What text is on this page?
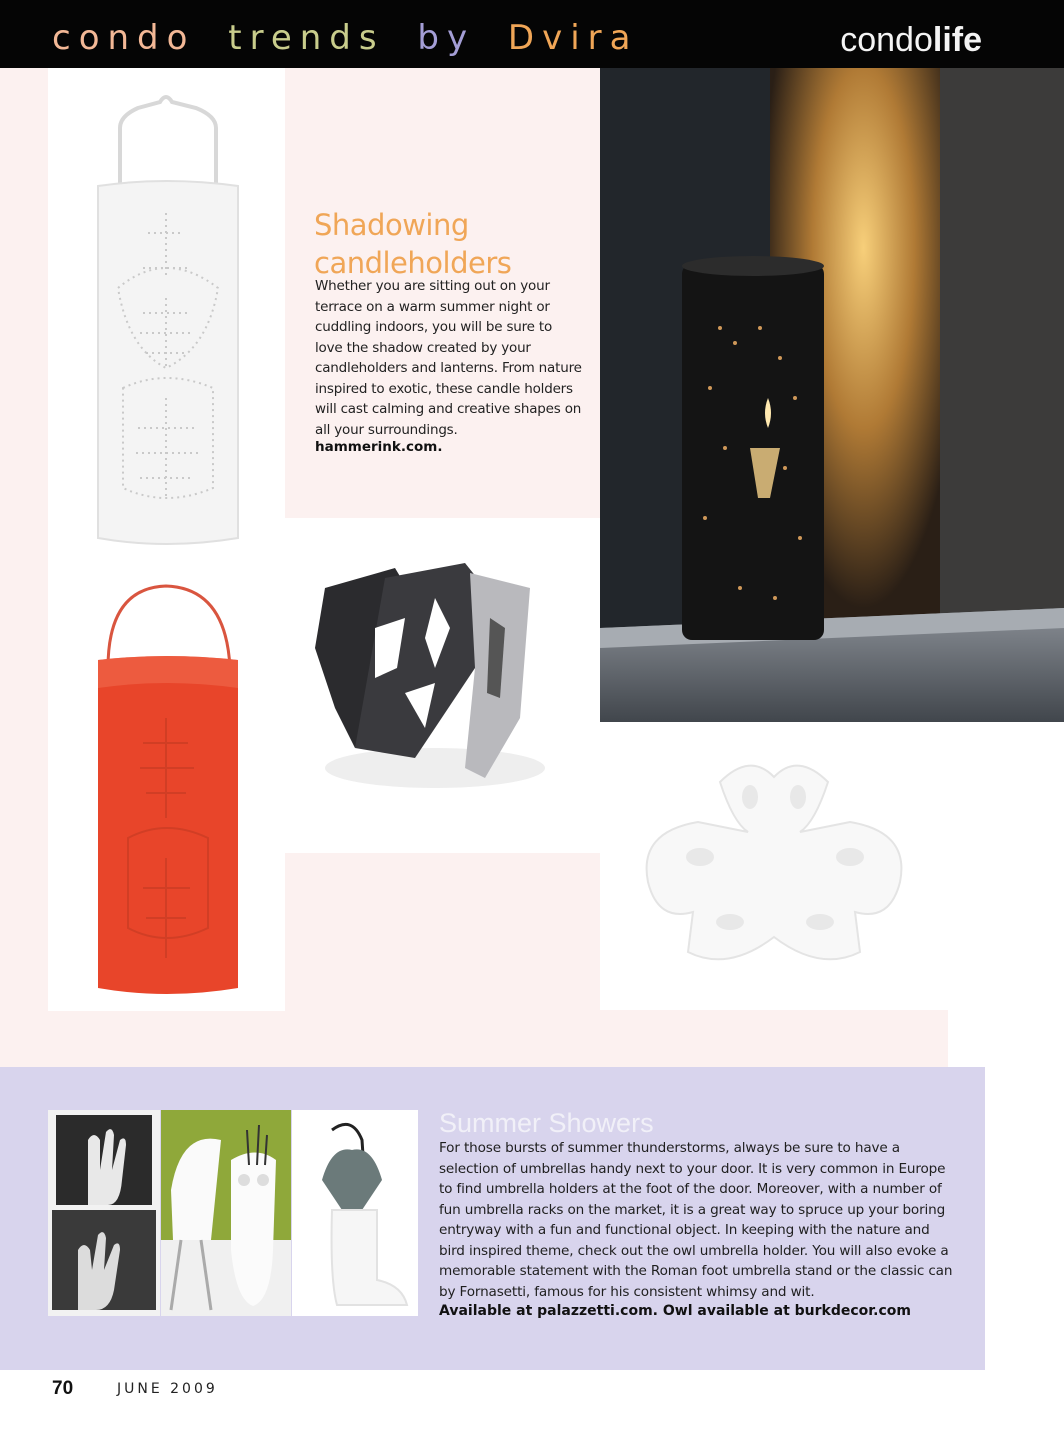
condo trends by Dvira	condolife
Shadowing
candleholders
Whether you are sitting out on your terrace on a warm summer night or cuddling indoors, you will be sure to love the shadow created by your candleholders and lanterns. From nature inspired to exotic, these candle holders will cast calming and creative shapes on all your surroundings.
hammerink.com.
Summer Showers
For those bursts of summer thunderstorms, always be sure to have a selection of umbrellas handy next to your door. It is very common in Europe to find umbrella holders at the foot of the door. Moreover, with a number of fun umbrella racks on the market, it is a great way to spruce up your boring entryway with a fun and functional object. In keeping with the nature and bird inspired theme, check out the owl umbrella holder. You will also evoke a memorable statement with the Roman foot umbrella stand or the classic can by Fornasetti, famous for his consistent whimsy and wit.
Available at palazzetti.com. Owl available at burkdecor.com
70	JUNE 2009
